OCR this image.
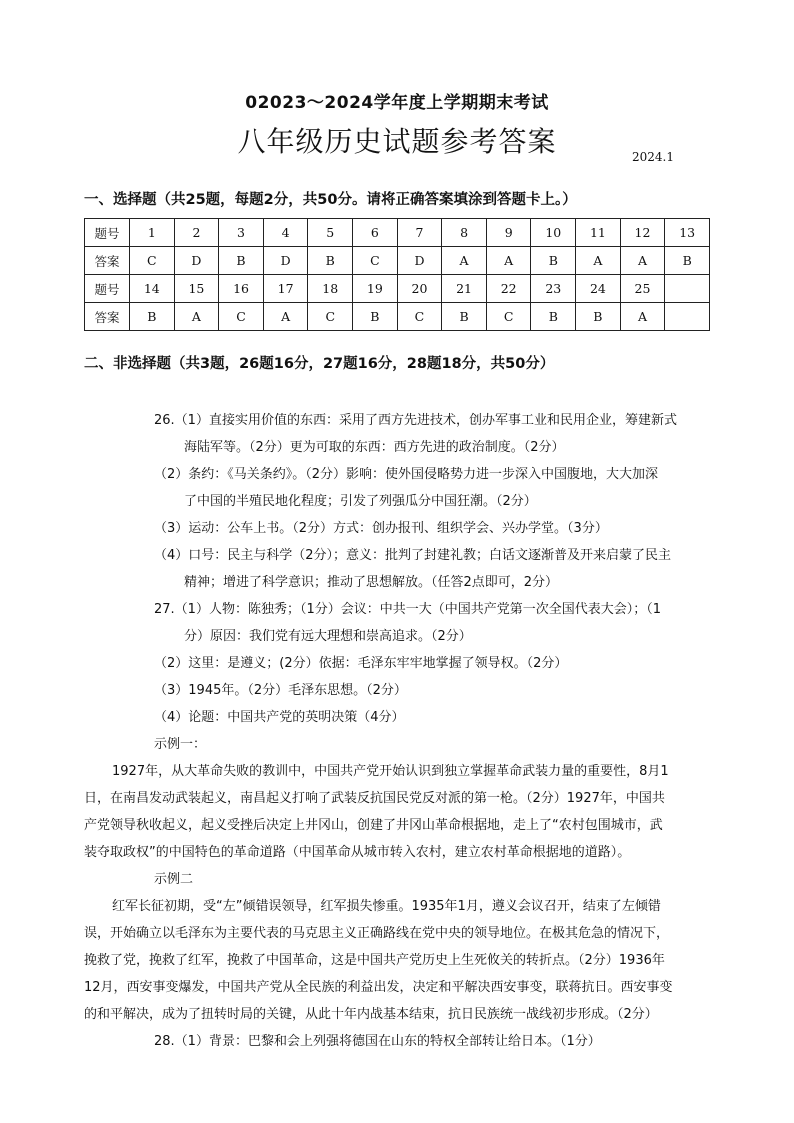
02023～2024学年度上学期期末考试
八年级历史试题参考答案	2024.1
一、选择题（共25题，每题2分，共50分。请将正确答案填涂到答题卡上。）
题号	1	2	3	4	5	6	7	8	9	10	11	12	13
答案	C	D	B	D	B	C	D	A	A	B	A	A	B
题号	14	15	16	17	18	19	20	21	22	23	24	25	
答案	B	A	C	A	C	B	C	B	C	B	B	A	
二、非选择题（共3题，26题16分，27题16分，28题18分，共50分）
26.（1）直接实用价值的东西：采用了西方先进技术，创办军事工业和民用企业，筹建新式
海陆军等。（2分）更为可取的东西：西方先进的政治制度。（2分）
（2）条约：《马关条约》。（2分）影响：使外国侵略势力进一步深入中国腹地，大大加深
了中国的半殖民地化程度；引发了列强瓜分中国狂潮。（2分）
（3）运动：公车上书。（2分）方式：创办报刊、组织学会、兴办学堂。（3分）
（4）口号：民主与科学（2分）；意义：批判了封建礼教；白话文逐渐普及开来启蒙了民主
精神；增进了科学意识；推动了思想解放。（任答2点即可，2分）
27.（1）人物：陈独秀；（1分）会议：中共一大（中国共产党第一次全国代表大会）；（1
分）原因：我们党有远大理想和崇高追求。（2分）
（2）这里：是遵义；(2分）依据：毛泽东牢牢地掌握了领导权。（2分）
（3）1945年。（2分）毛泽东思想。（2分）
（4）论题：中国共产党的英明决策（4分）
示例一：
1927年，从大革命失败的教训中，中国共产党开始认识到独立掌握革命武装力量的重要性，8月1
日，在南昌发动武装起义，南昌起义打响了武装反抗国民党反对派的第一枪。（2分）1927年，中国共
产党领导秋收起义，起义受挫后决定上井冈山，创建了井冈山革命根据地，走上了“农村包围城市，武
装夺取政权”的中国特色的革命道路（中国革命从城市转入农村，建立农村革命根据地的道路）。
示例二
红军长征初期，受“左”倾错误领导，红军损失惨重。1935年1月，遵义会议召开，结束了左倾错
误，开始确立以毛泽东为主要代表的马克思主义正确路线在党中央的领导地位。在极其危急的情况下，
挽救了党，挽救了红军，挽救了中国革命，这是中国共产党历史上生死攸关的转折点。（2分）1936年
12月，西安事变爆发，中国共产党从全民族的利益出发，决定和平解决西安事变，联蒋抗日。西安事变
的和平解决，成为了扭转时局的关键，从此十年内战基本结束，抗日民族统一战线初步形成。（2分）
28.（1）背景：巴黎和会上列强将德国在山东的特权全部转让给日本。（1分）
